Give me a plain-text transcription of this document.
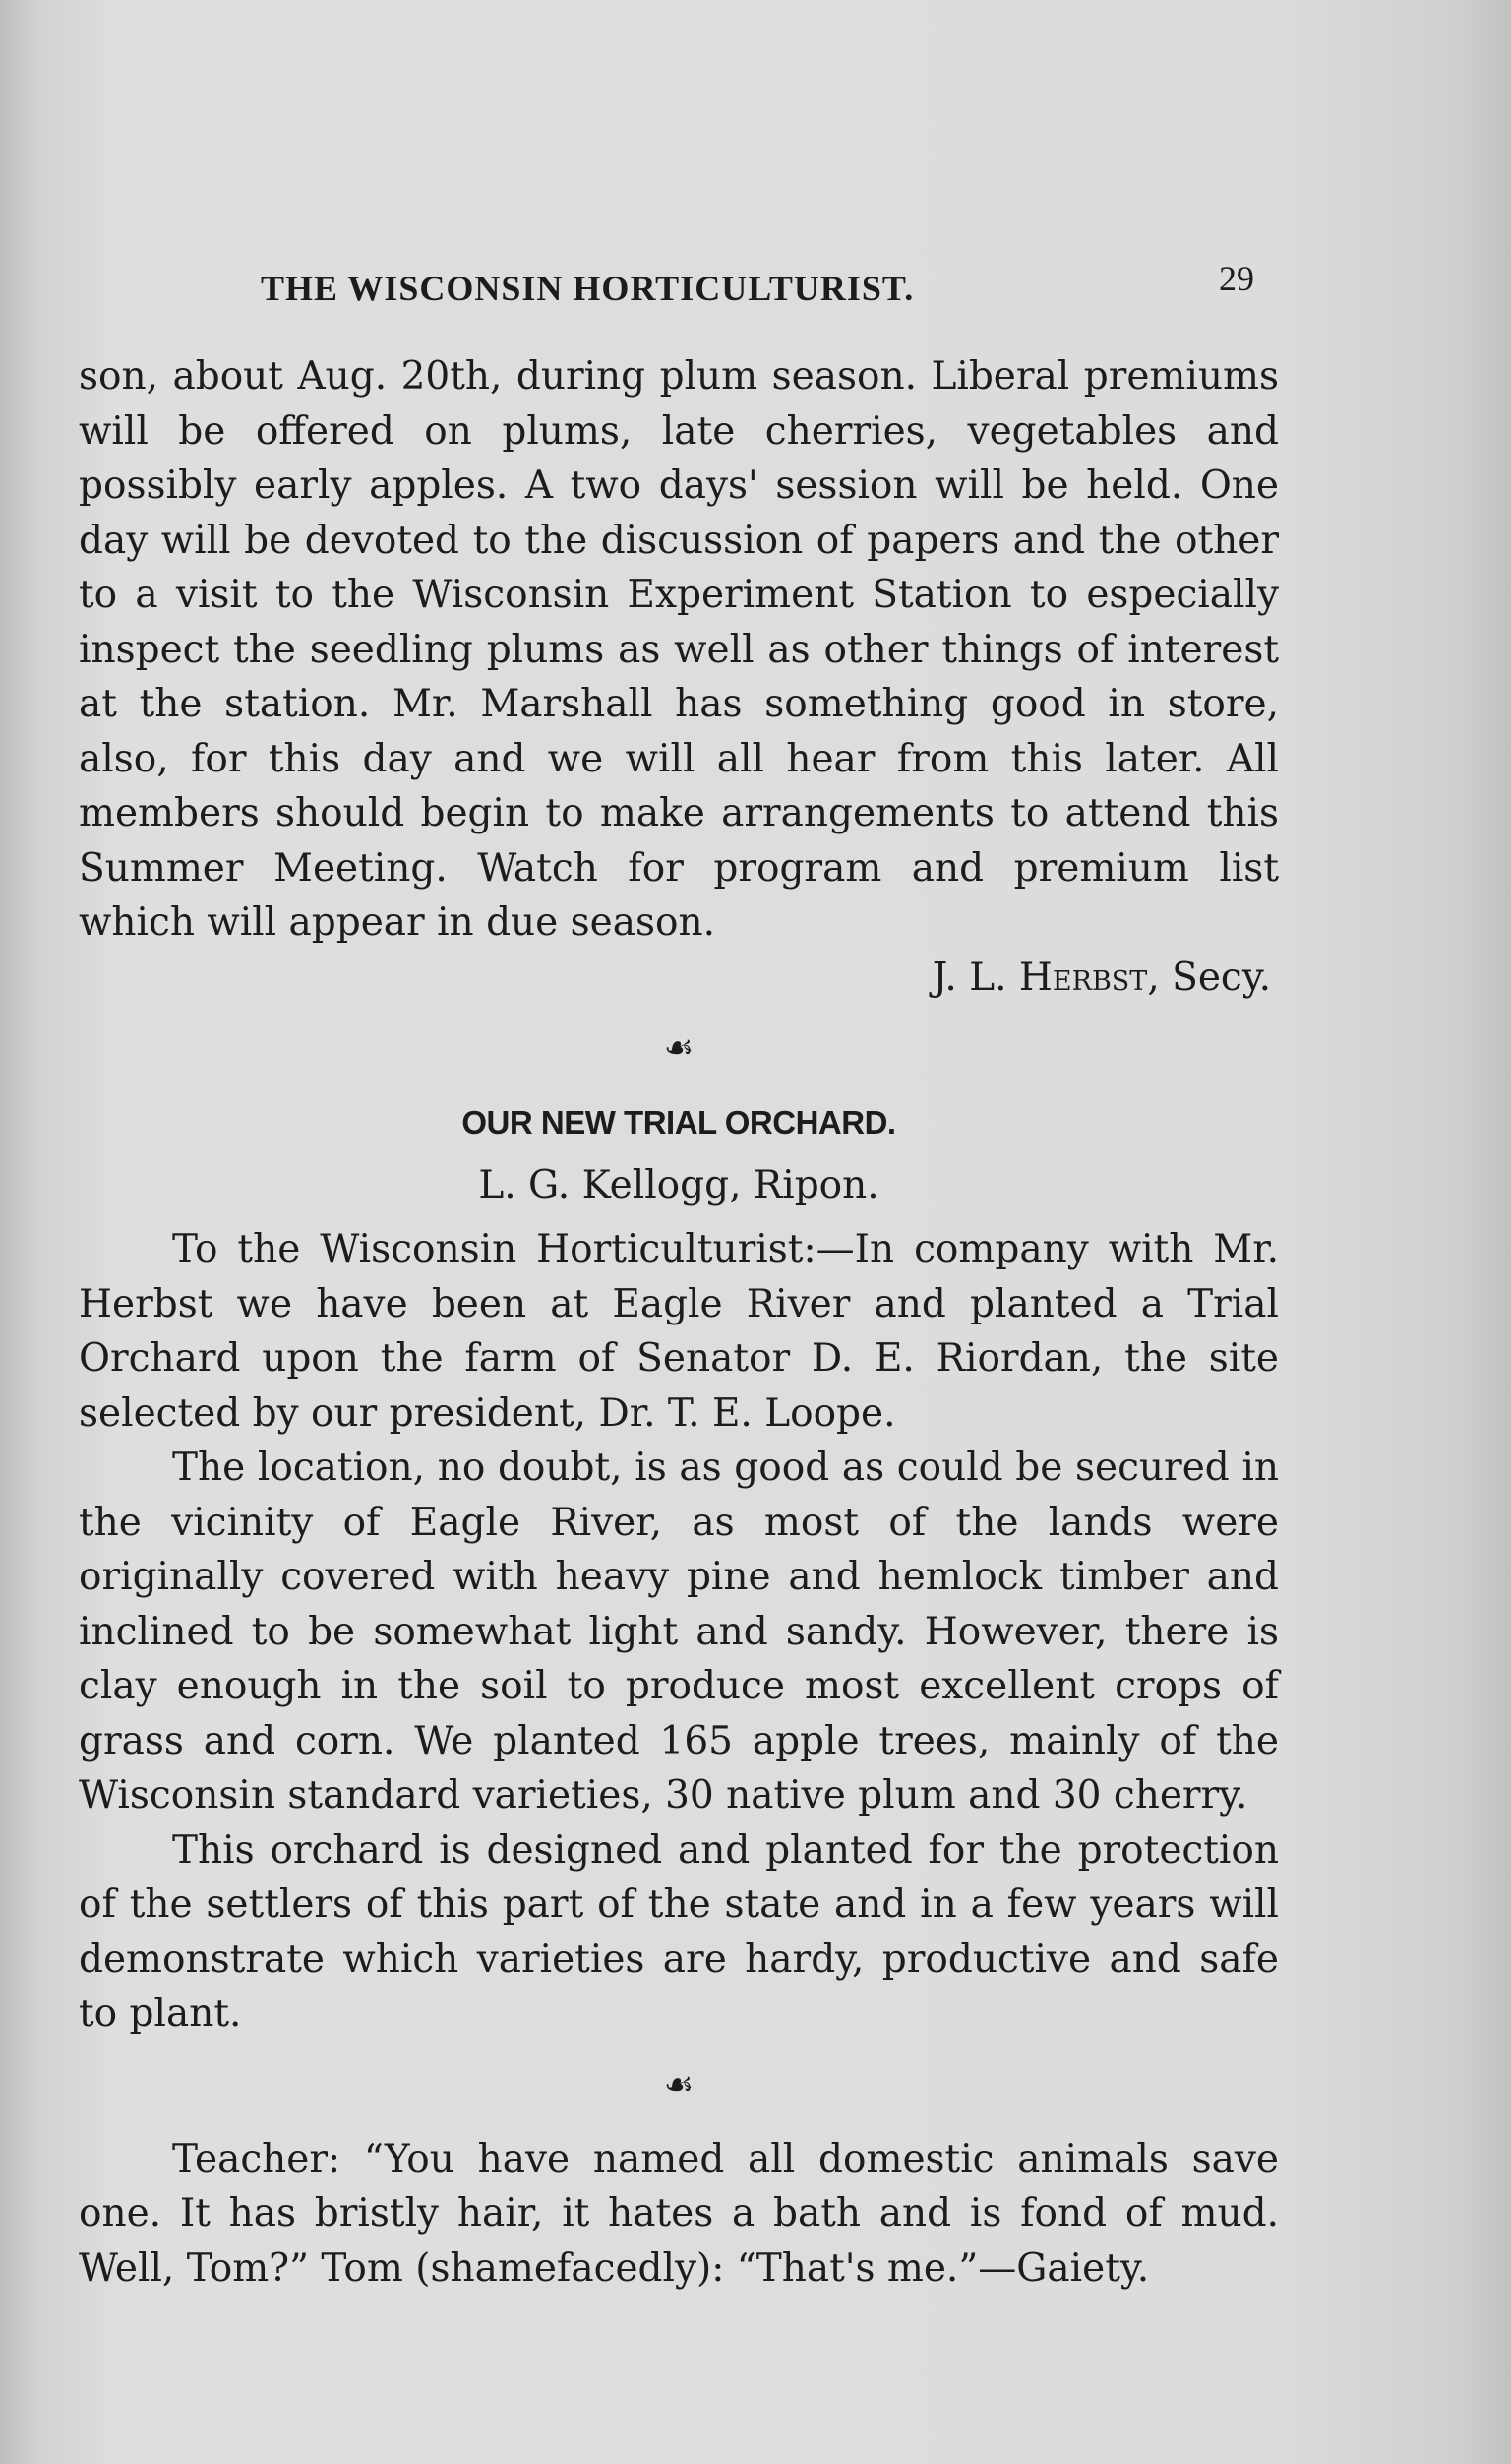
THE WISCONSIN HORTICULTURIST.	29

son, about Aug. 20th, during plum season. Liberal premiums will be offered on plums, late cherries, vegetables and possibly early apples. A two days' session will be held. One day will be devoted to the discussion of papers and the other to a visit to the Wisconsin Experiment Station to especially inspect the seedling plums as well as other things of interest at the station. Mr. Marshall has something good in store, also, for this day and we will all hear from this later. All members should begin to make arrangements to attend this Summer Meeting. Watch for program and premium list which will appear in due season.

J. L. Herbst, Secy.

☙
OUR NEW TRIAL ORCHARD.
L. G. Kellogg, Ripon.

To the Wisconsin Horticulturist:—In company with Mr. Herbst we have been at Eagle River and planted a Trial Orchard upon the farm of Senator D. E. Riordan, the site selected by our president, Dr. T. E. Loope.

The location, no doubt, is as good as could be secured in the vicinity of Eagle River, as most of the lands were originally covered with heavy pine and hemlock timber and inclined to be somewhat light and sandy. However, there is clay enough in the soil to produce most excellent crops of grass and corn. We planted 165 apple trees, mainly of the Wisconsin standard varieties, 30 native plum and 30 cherry.

This orchard is designed and planted for the protection of the settlers of this part of the state and in a few years will demonstrate which varieties are hardy, productive and safe to plant.

☙

Teacher: “You have named all domestic animals save one. It has bristly hair, it hates a bath and is fond of mud. Well, Tom?” Tom (shamefacedly): “That's me.”—Gaiety.
